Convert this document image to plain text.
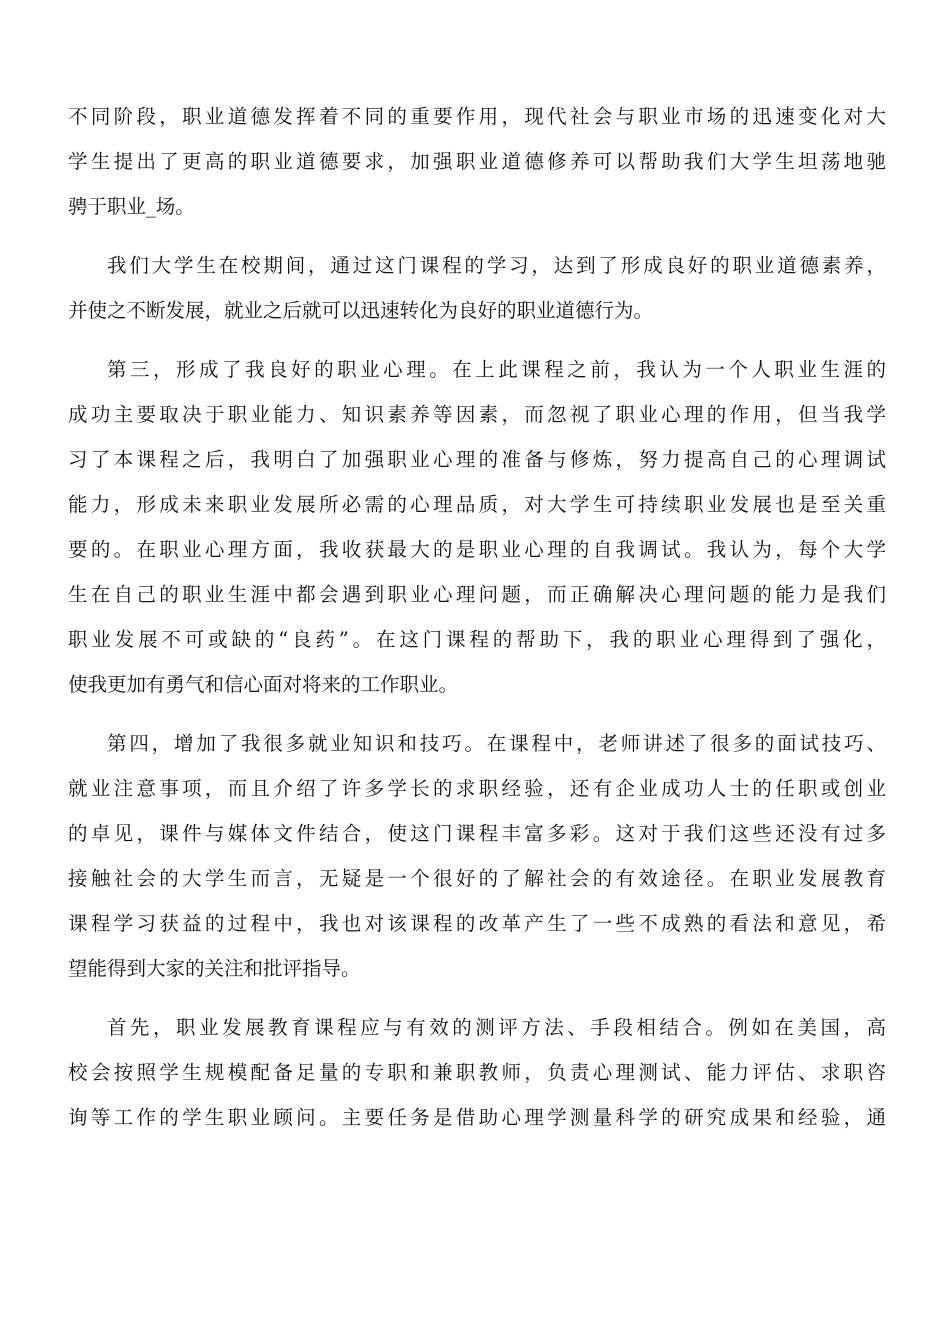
不同阶段，职业道德发挥着不同的重要作用，现代社会与职业市场的迅速变化对大
学生提出了更高的职业道德要求，加强职业道德修养可以帮助我们大学生坦荡地驰
骋于职业_场。
我们大学生在校期间，通过这门课程的学习，达到了形成良好的职业道德素养，
并使之不断发展，就业之后就可以迅速转化为良好的职业道德行为。
第三，形成了我良好的职业心理。在上此课程之前，我认为一个人职业生涯的
成功主要取决于职业能力、知识素养等因素，而忽视了职业心理的作用，但当我学
习了本课程之后，我明白了加强职业心理的准备与修炼，努力提高自己的心理调试
能力，形成未来职业发展所必需的心理品质，对大学生可持续职业发展也是至关重
要的。在职业心理方面，我收获最大的是职业心理的自我调试。我认为，每个大学
生在自己的职业生涯中都会遇到职业心理问题，而正确解决心理问题的能力是我们
职业发展不可或缺的“良药”。在这门课程的帮助下，我的职业心理得到了强化，
使我更加有勇气和信心面对将来的工作职业。
第四，增加了我很多就业知识和技巧。在课程中，老师讲述了很多的面试技巧、
就业注意事项，而且介绍了许多学长的求职经验，还有企业成功人士的任职或创业
的卓见，课件与媒体文件结合，使这门课程丰富多彩。这对于我们这些还没有过多
接触社会的大学生而言，无疑是一个很好的了解社会的有效途径。在职业发展教育
课程学习获益的过程中，我也对该课程的改革产生了一些不成熟的看法和意见，希
望能得到大家的关注和批评指导。
首先，职业发展教育课程应与有效的测评方法、手段相结合。例如在美国，高
校会按照学生规模配备足量的专职和兼职教师，负责心理测试、能力评估、求职咨
询等工作的学生职业顾问。主要任务是借助心理学测量科学的研究成果和经验，通
